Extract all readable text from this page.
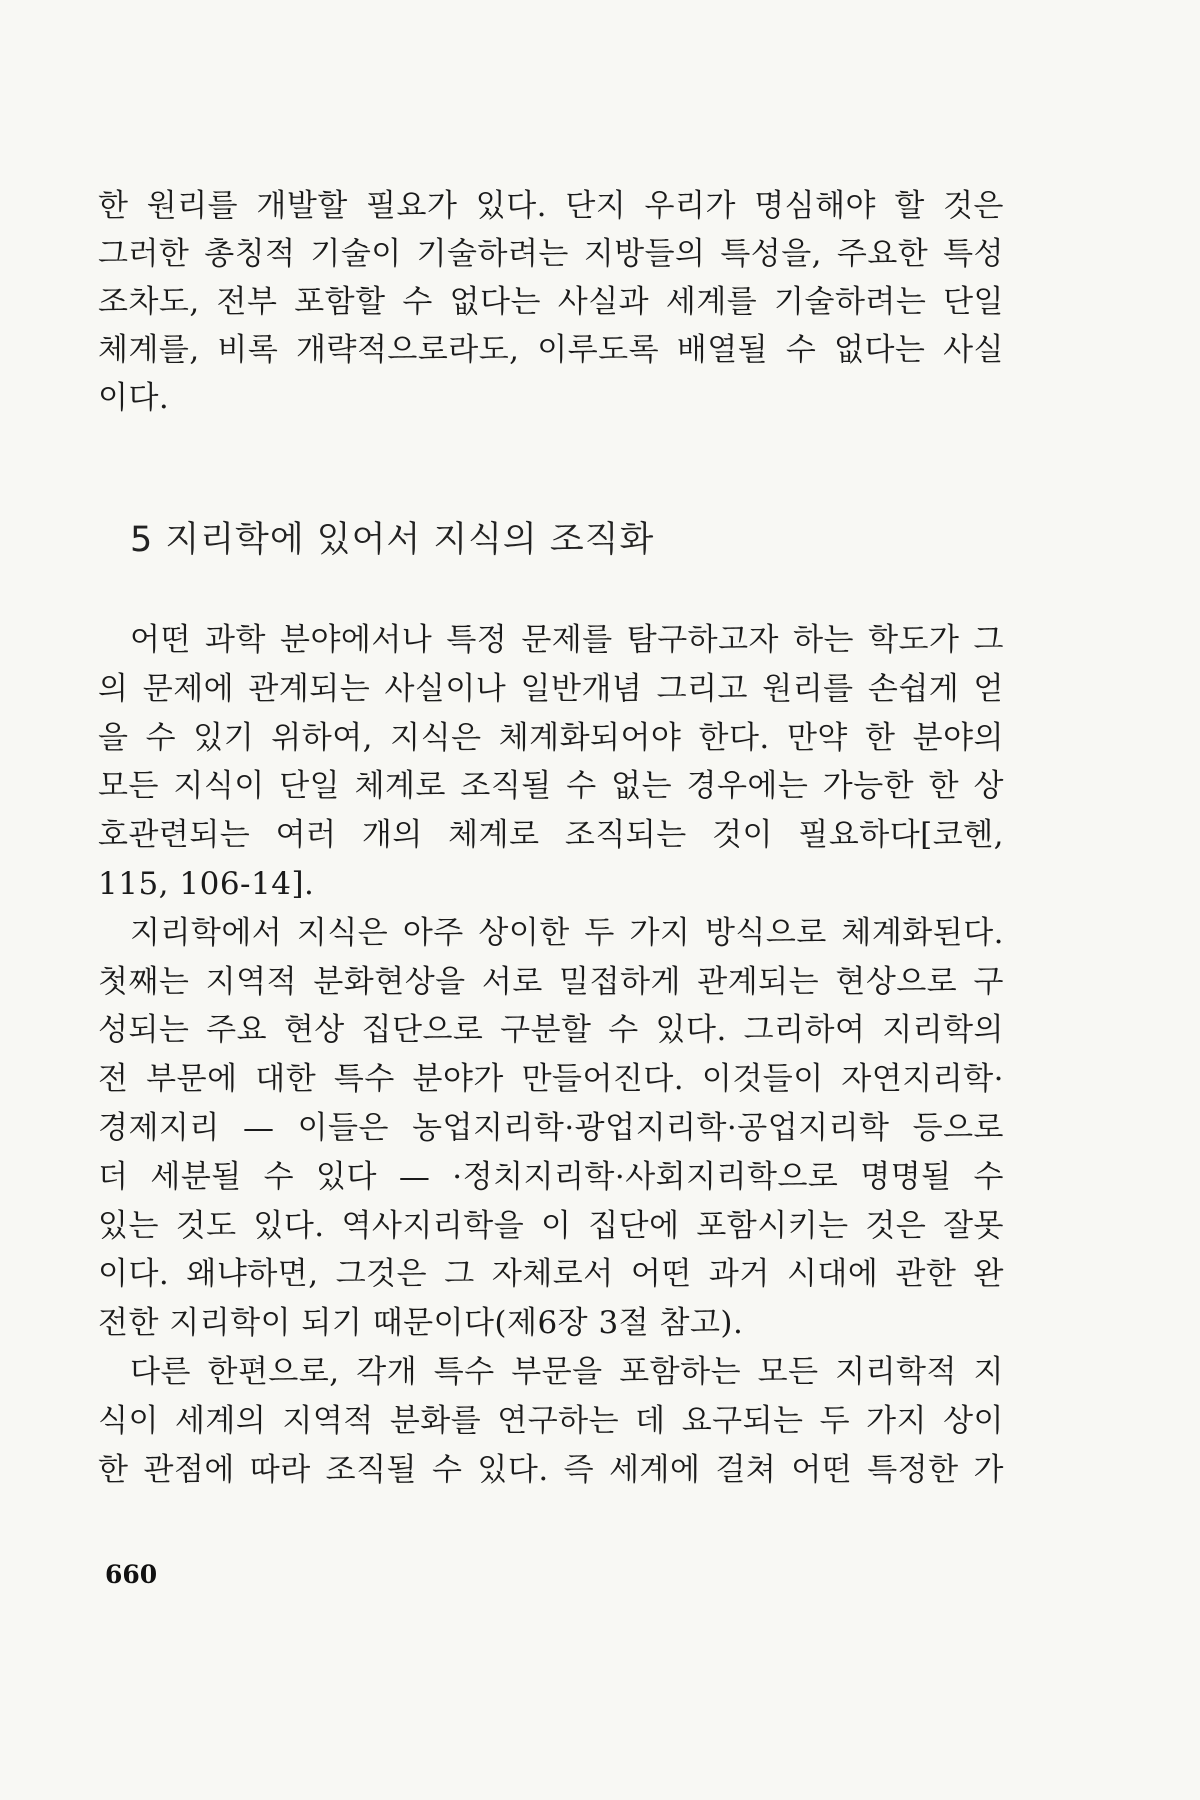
한 원리를 개발할 필요가 있다. 단지 우리가 명심해야 할 것은
그러한 총칭적 기술이 기술하려는 지방들의 특성을, 주요한 특성
조차도, 전부 포함할 수 없다는 사실과 세계를 기술하려는 단일
체계를, 비록 개략적으로라도, 이루도록 배열될 수 없다는 사실
이다.
5 지리학에 있어서 지식의 조직화
어떤 과학 분야에서나 특정 문제를 탐구하고자 하는 학도가 그
의 문제에 관계되는 사실이나 일반개념 그리고 원리를 손쉽게 얻
을 수 있기 위하여, 지식은 체계화되어야 한다. 만약 한 분야의
모든 지식이 단일 체계로 조직될 수 없는 경우에는 가능한 한 상
호관련되는 여러 개의 체계로 조직되는 것이 필요하다[코헨,
115, 106-14].
지리학에서 지식은 아주 상이한 두 가지 방식으로 체계화된다.
첫째는 지역적 분화현상을 서로 밀접하게 관계되는 현상으로 구
성되는 주요 현상 집단으로 구분할 수 있다. 그리하여 지리학의
전 부문에 대한 특수 분야가 만들어진다. 이것들이 자연지리학·
경제지리 — 이들은 농업지리학·광업지리학·공업지리학 등으로
더 세분될 수 있다 — ·정치지리학·사회지리학으로 명명될 수
있는 것도 있다. 역사지리학을 이 집단에 포함시키는 것은 잘못
이다. 왜냐하면, 그것은 그 자체로서 어떤 과거 시대에 관한 완
전한 지리학이 되기 때문이다(제6장 3절 참고).
다른 한편으로, 각개 특수 부문을 포함하는 모든 지리학적 지
식이 세계의 지역적 분화를 연구하는 데 요구되는 두 가지 상이
한 관점에 따라 조직될 수 있다. 즉 세계에 걸쳐 어떤 특정한 가
660
